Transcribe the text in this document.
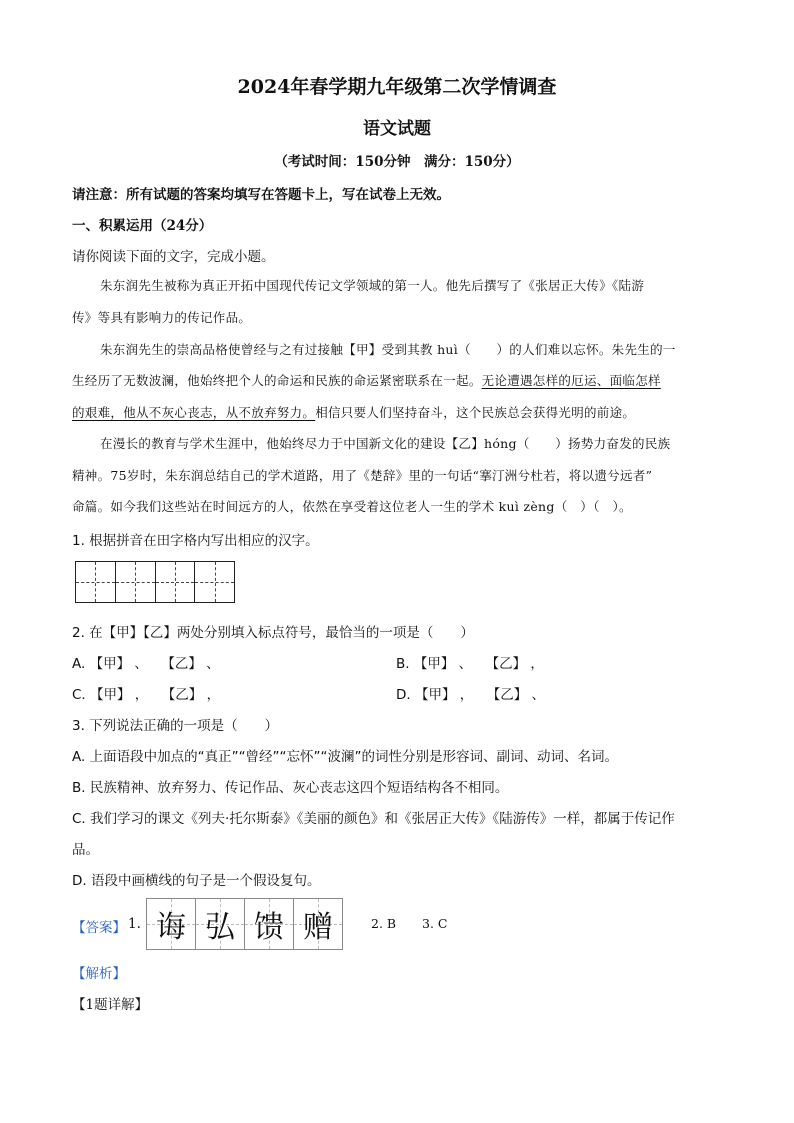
2024年春学期九年级第二次学情调查
语文试题
（考试时间：150分钟　满分：150分）
请注意：所有试题的答案均填写在答题卡上，写在试卷上无效。
一、积累运用（24分）
请你阅读下面的文字，完成小题。
朱东润先生被称为真正开拓中国现代传记文学领域的第一人。他先后撰写了《张居正大传》《陆游
传》等具有影响力的传记作品。
朱东润先生的崇高品格使曾经与之有过接触【甲】受到其教 huì（　　）的人们难以忘怀。朱先生的一
生经历了无数波澜，他始终把个人的命运和民族的命运紧密联系在一起。无论遭遇怎样的厄运、面临怎样
的艰难，他从不灰心丧志，从不放弃努力。相信只要人们坚持奋斗，这个民族总会获得光明的前途。
在漫长的教育与学术生涯中，他始终尽力于中国新文化的建设【乙】hóng（　　）扬势力奋发的民族
精神。75岁时，朱东润总结自己的学术道路，用了《楚辞》里的一句话“搴汀洲兮杜若，将以遗兮远者”
命篇。如今我们这些站在时间远方的人，依然在享受着这位老人一生的学术 kuì zèng（　）（　）。
1. 根据拼音在田字格内写出相应的汉字。
2. 在【甲】【乙】两处分别填入标点符号，最恰当的一项是（　　）
A. 【甲】 、　　【乙】 、	B. 【甲】 、　　【乙】 ，
C. 【甲】 ，　　【乙】 ，	D. 【甲】 ，　　【乙】 、
3. 下列说法正确的一项是（　　）
A. 上面语段中加点的“真正”“曾经”“忘怀”“波澜”的词性分别是形容词、副词、动词、名词。
B. 民族精神、放弃努力、传记作品、灰心丧志这四个短语结构各不相同。
C. 我们学习的课文《列夫·托尔斯泰》《美丽的颜色》和《张居正大传》《陆游传》一样，都属于传记作
品。
D. 语段中画横线的句子是一个假设复句。
【答案】 1. 诲 弘 馈 赠	2. B 3. C
【解析】
【1题详解】
